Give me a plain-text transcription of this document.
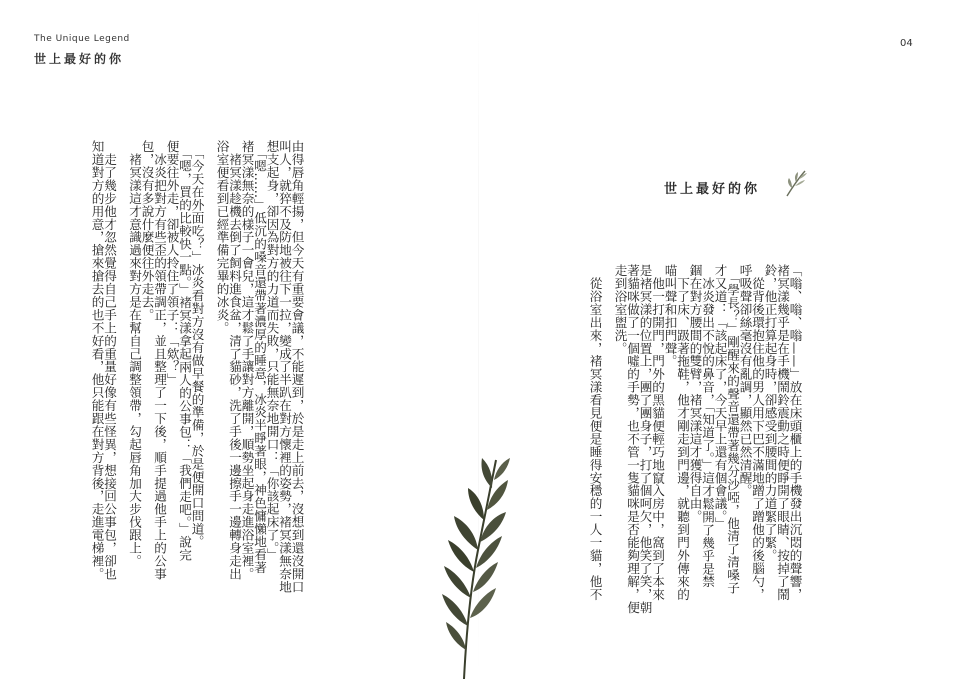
The Unique Legend
世上最好的你
04
世上最好的你

「嗡、嗡、嗡——」放在床頭櫃上的手機發出沉悶的聲響，

褚冥漾幾乎是在手機鬧鈴震動之時便睜開了眼睛、按掉了鬧

鈴，他正打算起身時，卻感受到腰間的力道緊了緊。

　從背後環抱住他的男人用下巴不滿地蹭了蹭他的後腦勺，

呼吸聲卻絲毫沒有亂調，顯然已然清醒。

　「學長？」剛醒來的聲音還帶著幾分沙啞，他清了清嗓子

才又道：「該起床了，今天早上還有個會議。」

　冰炎發出不悅的鼻音，「知道了。」這才鬆開了幾乎是禁

錮在對方腰間的雙臂，褚冥漾這才獲得自由。

　下了床、趿著拖鞋，他才剛走到門邊，就聽到門外傳來的

喵叫聲和扣門聲。

　他一打開門，門外的黑貓便輕巧地竄入房中，窩到了本來

是褚冥漾的位置上，團了團身子，打了個呵欠，他笑了笑，朝

著貓咪做了一個噓的手勢，也不管一隻貓咪是否能夠理解，便

走到浴室盥洗。

　從浴室出來，褚冥漾看見便是睡得安穩的一人一貓，他不

由得唇角輕揚，但今天有重要會議，不能遲到，於是走上前去，沒想到還沒開口

叫人，就猝不及防地被往下一拉，變成了半趴在對方懷裡的姿勢，褚冥漾無奈地

想支起身，卻因為對方的力道而失敗，只能無奈地開口：「你該起床了。」

　「嗯……」低沉的嗓音還帶著濃厚的睡意，冰炎半睜著眼，神色慵懶地看著

褚冥漾無奈的樣子一會兒，這才鬆了手讓對方離開，順勢坐起身走進浴室裡。

　褚冥漾趁機去倒了飼料進食盆，清了貓砂，洗了手後一邊擦手一邊轉身走出

浴室便看到已經準備完畢的冰炎。

　「今天在外面吃？」冰炎看對方沒有做早餐的準備，於是便開口問道。

　「嗯，買的比較快一點。」褚冥漾拿起兩人的公事包：「我們走吧。」說完

便要往外走，卻被人拎住了領子：「欸？」

　冰炎把對方有些歪的領帶調正，並且整理了一下後，順手提過他手上的公事

包，沒有多說什麼便往外走去。

　褚冥漾這才意識過來對方是在幫自己調整領帶，勾起唇角加大步伐跟上。

　走了幾步他才忽然覺得自己手上的重量好像有些怪異，想接回公事包，卻也

知道對方的用意，搶來搶去的也不好看，他只能跟在對方背後，走進電梯裡。
